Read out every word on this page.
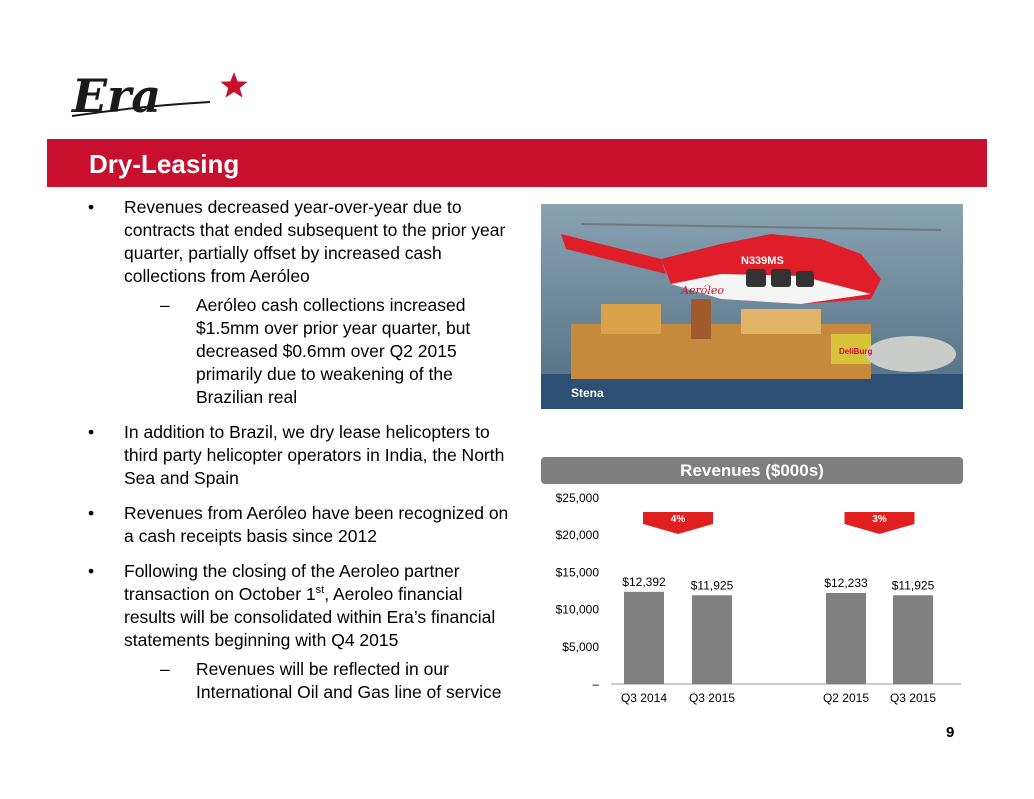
Era
Dry-Leasing
• Revenues decreased year-over-year due to contracts that ended subsequent to the prior year quarter, partially offset by increased cash collections from Aeróleo
– Aeróleo cash collections increased $1.5mm over prior year quarter, but decreased $0.6mm over Q2 2015 primarily due to weakening of the Brazilian real
• In addition to Brazil, we dry lease helicopters to third party helicopter operators in India, the North Sea and Spain
• Revenues from Aeróleo have been recognized on a cash receipts basis since 2012
• Following the closing of the Aeroleo partner transaction on October 1st, Aeroleo financial results will be consolidated within Era’s financial statements beginning with Q4 2015
– Revenues will be reflected in our International Oil and Gas line of service
Stena
DeliBurg
N339MS
Aeróleo
Revenues ($000s)
–
$5,000
$10,000
$15,000
$20,000
$25,000
$12,392
Q3 2014
$11,925
Q3 2015
$12,233
Q2 2015
$11,925
Q3 2015
4%	3%
9
